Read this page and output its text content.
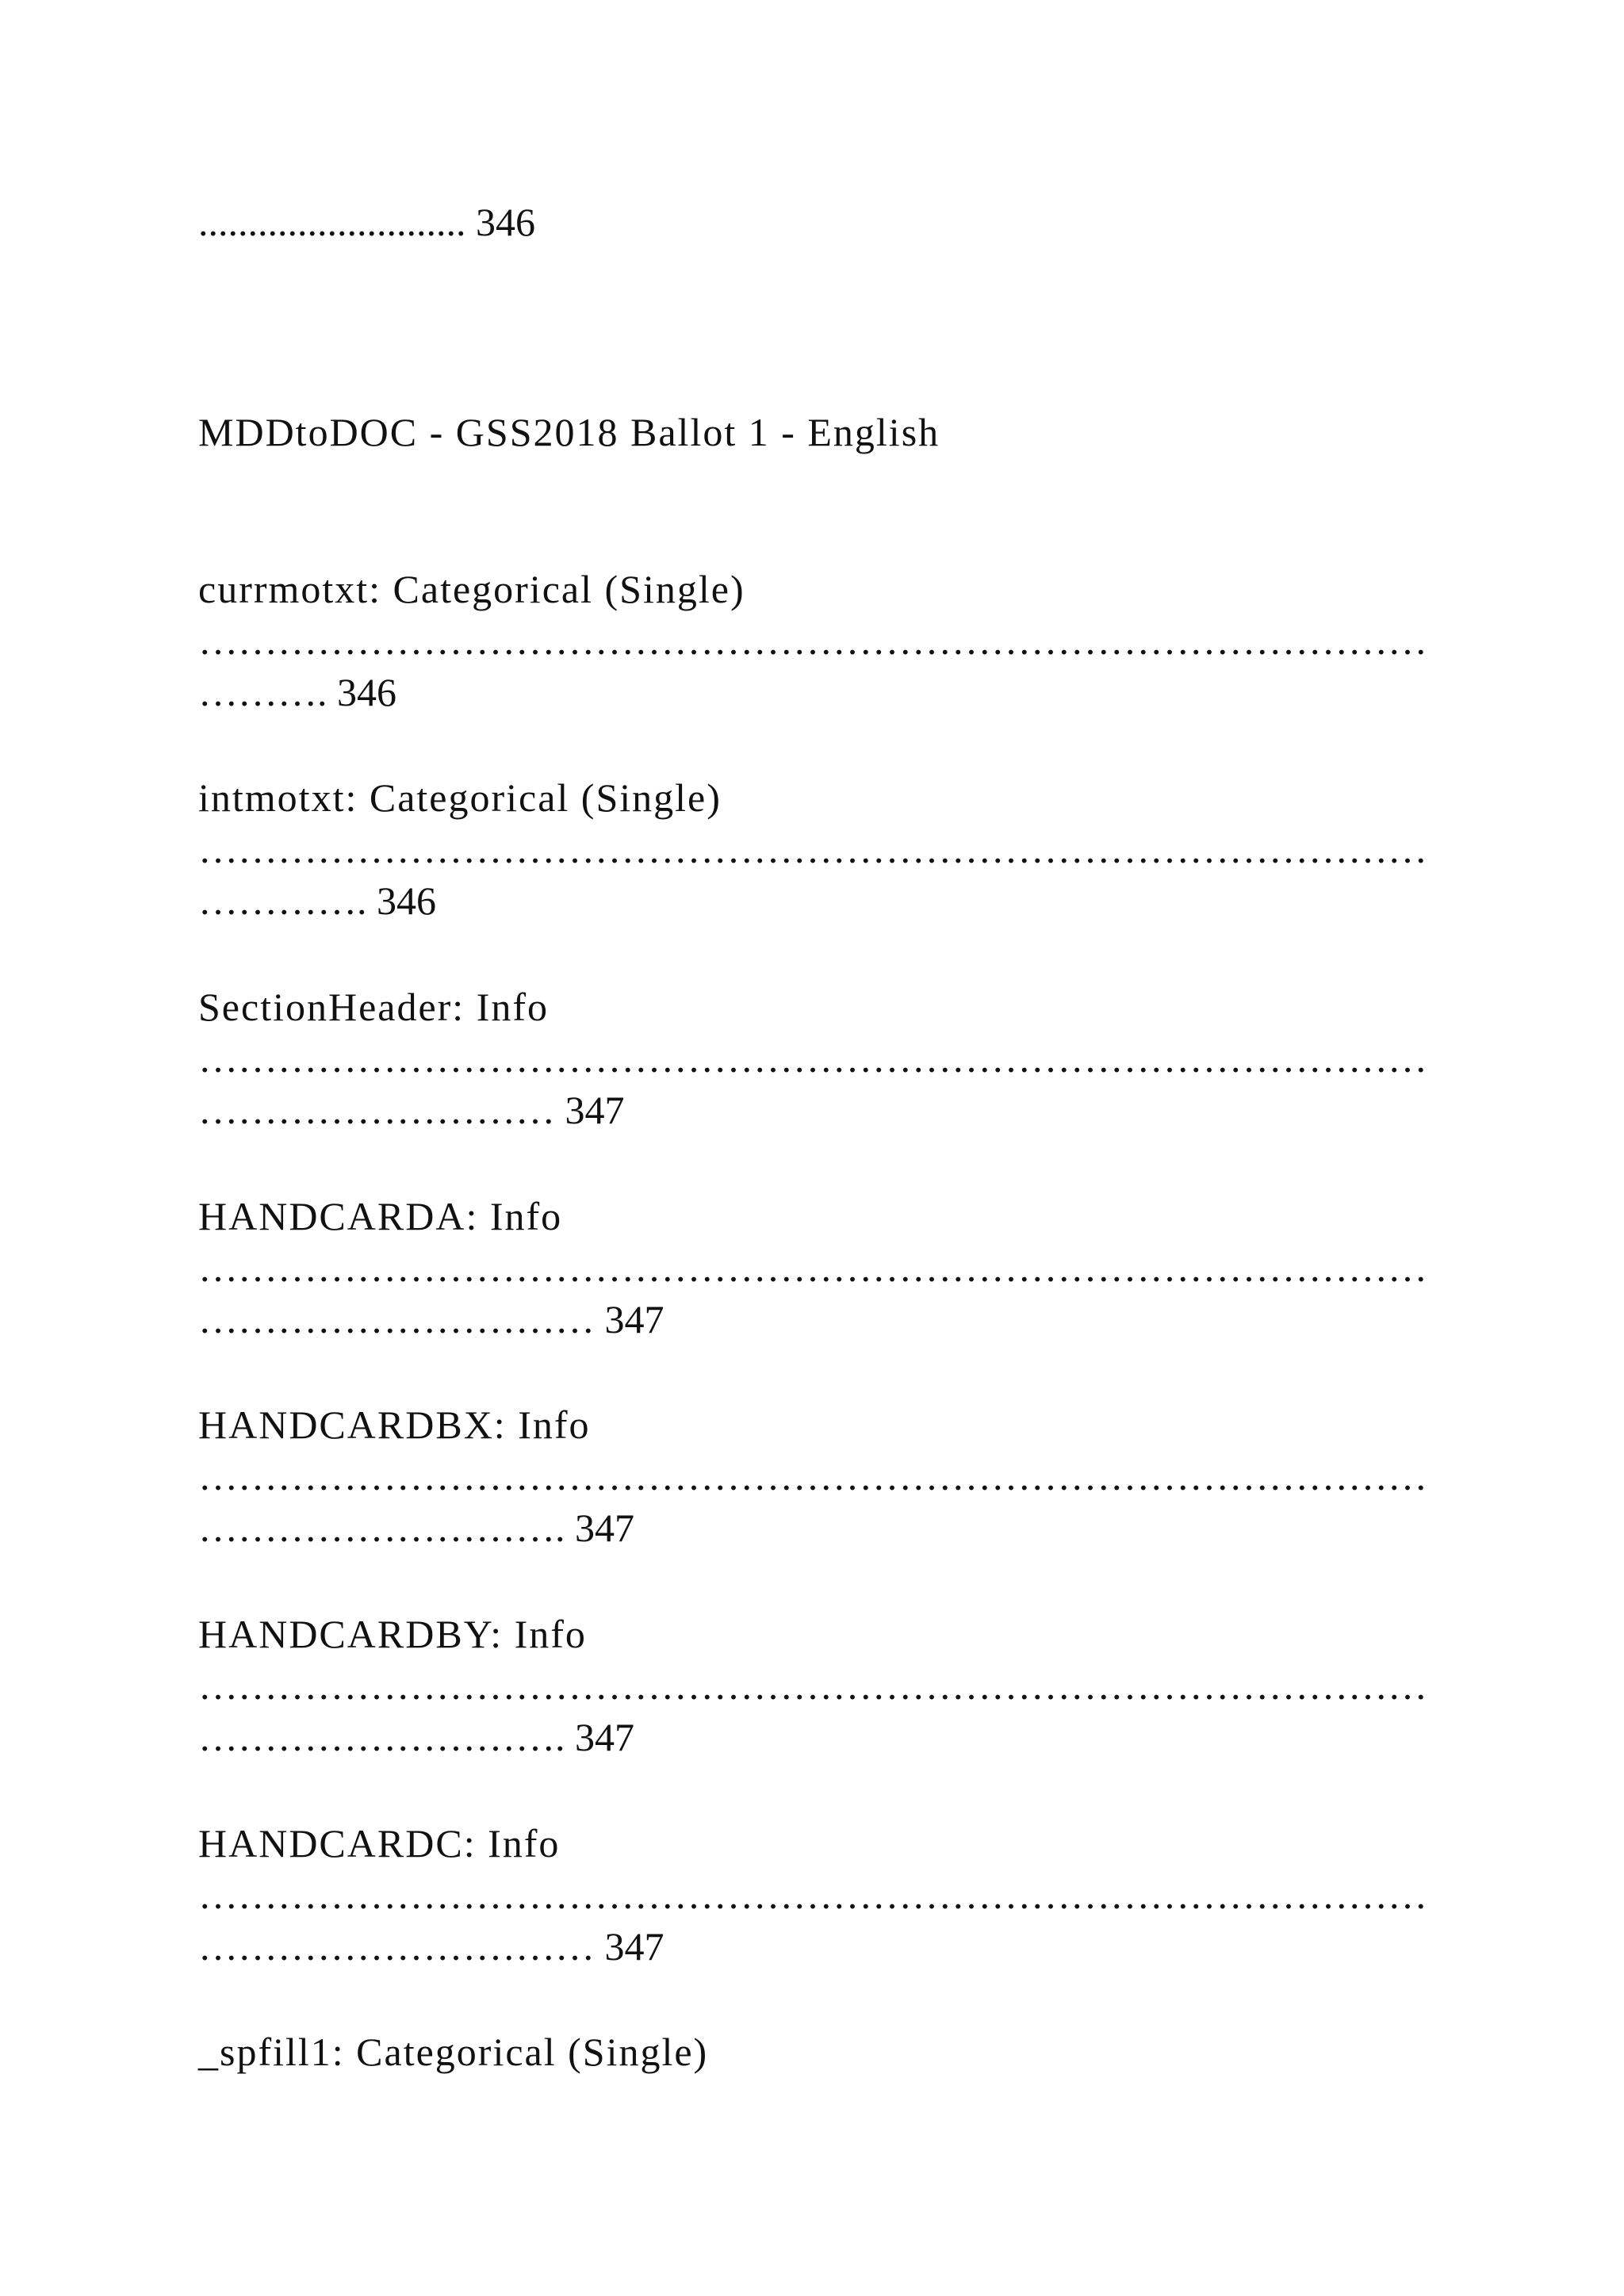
........................... 346
MDDtoDOC - GSS2018 Ballot 1 - English
currmotxt: Categorical (Single)
…………………………………………………………………………………
………. 346
intmotxt: Categorical (Single)
…………………………………………………………………………………
…………. 346
SectionHeader: Info
…………………………………………………………………………………
……………………… 347
HANDCARDA: Info
…………………………………………………………………………………
………………………… 347
HANDCARDBX: Info
…………………………………………………………………………………
………………………. 347
HANDCARDBY: Info
…………………………………………………………………………………
………………………. 347
HANDCARDC: Info
…………………………………………………………………………………
………………………… 347
_spfill1: Categorical (Single)
